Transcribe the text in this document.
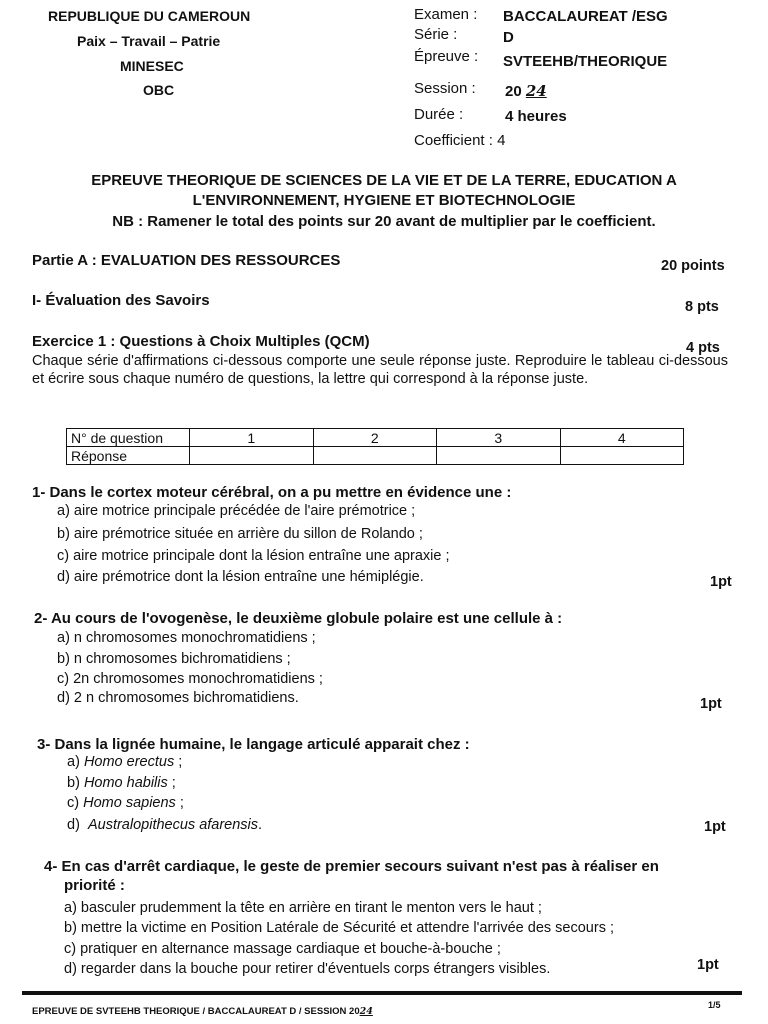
REPUBLIQUE DU CAMEROUN
Paix – Travail – Patrie
MINESEC
OBC
Examen : BACCALAUREAT /ESG
Série :	D
Épreuve : SVTEEHB/THEORIQUE
Session : 20 24
Durée :	4 heures
Coefficient : 4
EPREUVE THEORIQUE DE SCIENCES DE LA VIE ET DE LA TERRE, EDUCATION A
L'ENVIRONNEMENT, HYGIENE ET BIOTECHNOLOGIE
NB : Ramener le total des points sur 20 avant de multiplier par le coefficient.
Partie A : EVALUATION DES RESSOURCES	20 points
I- Évaluation des Savoirs	8 pts
Exercice 1 : Questions à Choix Multiples (QCM)	4 pts
Chaque série d'affirmations ci-dessous comporte une seule réponse juste. Reproduire le tableau ci-dessous et écrire sous chaque numéro de questions, la lettre qui correspond à la réponse juste.
N° de question	1	2	3	4
Réponse				
1- Dans le cortex moteur cérébral, on a pu mettre en évidence une :
a) aire motrice principale précédée de l'aire prémotrice ;
b) aire prémotrice située en arrière du sillon de Rolando ;
c) aire motrice principale dont la lésion entraîne une apraxie ;
d) aire prémotrice dont la lésion entraîne une hémiplégie.	1pt
2- Au cours de l'ovogenèse, le deuxième globule polaire est une cellule à :
a) n chromosomes monochromatidiens ;
b) n chromosomes bichromatidiens ;
c) 2n chromosomes monochromatidiens ;
d) 2 n chromosomes bichromatidiens.	1pt
3- Dans la lignée humaine, le langage articulé apparait chez :
a) Homo erectus ;
b) Homo habilis ;
c) Homo sapiens ;
d) Australopithecus afarensis.	1pt
4- En cas d'arrêt cardiaque, le geste de premier secours suivant n'est pas à réaliser en
priorité :
a) basculer prudemment la tête en arrière en tirant le menton vers le haut ;
b) mettre la victime en Position Latérale de Sécurité et attendre l'arrivée des secours ;
c) pratiquer en alternance massage cardiaque et bouche-à-bouche ;
d) regarder dans la bouche pour retirer d'éventuels corps étrangers visibles.	1pt
EPREUVE DE SVTEEHB THEORIQUE / BACCALAUREAT D / SESSION 2024
1/5
